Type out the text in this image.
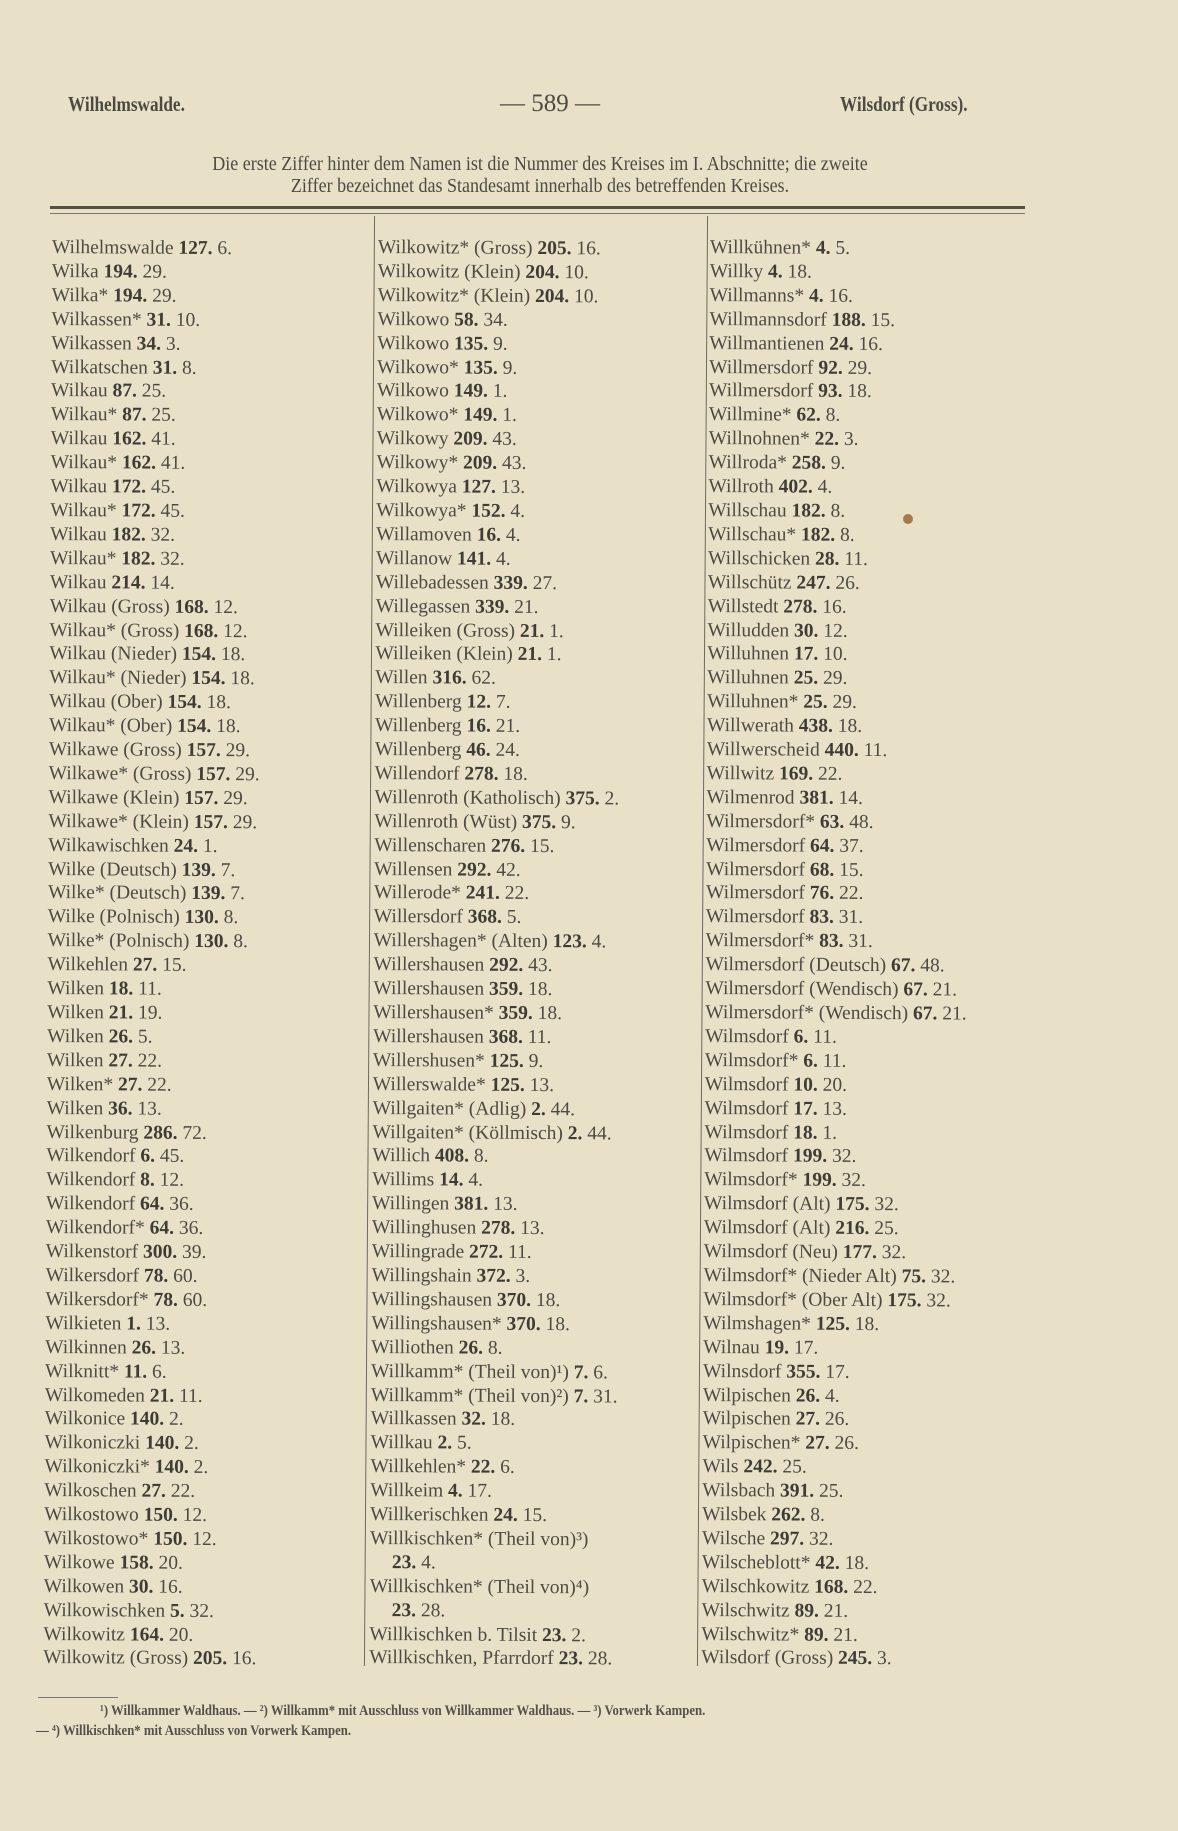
Wilhelmswalde.	— 589 —	Wilsdorf (Gross).
Die erste Ziffer hinter dem Namen ist die Nummer des Kreises im I. Abschnitte; die zweite
Ziffer bezeichnet das Standesamt innerhalb des betreffenden Kreises.
Wilhelmswalde 127. 6.
Wilka 194. 29.
Wilka* 194. 29.
Wilkassen* 31. 10.
Wilkassen 34. 3.
Wilkatschen 31. 8.
Wilkau 87. 25.
Wilkau* 87. 25.
Wilkau 162. 41.
Wilkau* 162. 41.
Wilkau 172. 45.
Wilkau* 172. 45.
Wilkau 182. 32.
Wilkau* 182. 32.
Wilkau 214. 14.
Wilkau (Gross) 168. 12.
Wilkau* (Gross) 168. 12.
Wilkau (Nieder) 154. 18.
Wilkau* (Nieder) 154. 18.
Wilkau (Ober) 154. 18.
Wilkau* (Ober) 154. 18.
Wilkawe (Gross) 157. 29.
Wilkawe* (Gross) 157. 29.
Wilkawe (Klein) 157. 29.
Wilkawe* (Klein) 157. 29.
Wilkawischken 24. 1.
Wilke (Deutsch) 139. 7.
Wilke* (Deutsch) 139. 7.
Wilke (Polnisch) 130. 8.
Wilke* (Polnisch) 130. 8.
Wilkehlen 27. 15.
Wilken 18. 11.
Wilken 21. 19.
Wilken 26. 5.
Wilken 27. 22.
Wilken* 27. 22.
Wilken 36. 13.
Wilkenburg 286. 72.
Wilkendorf 6. 45.
Wilkendorf 8. 12.
Wilkendorf 64. 36.
Wilkendorf* 64. 36.
Wilkenstorf 300. 39.
Wilkersdorf 78. 60.
Wilkersdorf* 78. 60.
Wilkieten 1. 13.
Wilkinnen 26. 13.
Wilknitt* 11. 6.
Wilkomeden 21. 11.
Wilkonice 140. 2.
Wilkoniczki 140. 2.
Wilkoniczki* 140. 2.
Wilkoschen 27. 22.
Wilkostowo 150. 12.
Wilkostowo* 150. 12.
Wilkowe 158. 20.
Wilkowen 30. 16.
Wilkowischken 5. 32.
Wilkowitz 164. 20.
Wilkowitz (Gross) 205. 16.
Wilkowitz* (Gross) 205. 16.
Wilkowitz (Klein) 204. 10.
Wilkowitz* (Klein) 204. 10.
Wilkowo 58. 34.
Wilkowo 135. 9.
Wilkowo* 135. 9.
Wilkowo 149. 1.
Wilkowo* 149. 1.
Wilkowy 209. 43.
Wilkowy* 209. 43.
Wilkowya 127. 13.
Wilkowya* 152. 4.
Willamoven 16. 4.
Willanow 141. 4.
Willebadessen 339. 27.
Willegassen 339. 21.
Willeiken (Gross) 21. 1.
Willeiken (Klein) 21. 1.
Willen 316. 62.
Willenberg 12. 7.
Willenberg 16. 21.
Willenberg 46. 24.
Willendorf 278. 18.
Willenroth (Katholisch) 375. 2.
Willenroth (Wüst) 375. 9.
Willenscharen 276. 15.
Willensen 292. 42.
Willerode* 241. 22.
Willersdorf 368. 5.
Willershagen* (Alten) 123. 4.
Willershausen 292. 43.
Willershausen 359. 18.
Willershausen* 359. 18.
Willershausen 368. 11.
Willershusen* 125. 9.
Willerswalde* 125. 13.
Willgaiten* (Adlig) 2. 44.
Willgaiten* (Köllmisch) 2. 44.
Willich 408. 8.
Willims 14. 4.
Willingen 381. 13.
Willinghusen 278. 13.
Willingrade 272. 11.
Willingshain 372. 3.
Willingshausen 370. 18.
Willingshausen* 370. 18.
Williothen 26. 8.
Willkamm* (Theil von)¹) 7. 6.
Willkamm* (Theil von)²) 7. 31.
Willkassen 32. 18.
Willkau 2. 5.
Willkehlen* 22. 6.
Willkeim 4. 17.
Willkerischken 24. 15.
Willkischken* (Theil von)³)
23. 4.
Willkischken* (Theil von)⁴)
23. 28.
Willkischken b. Tilsit 23. 2.
Willkischken, Pfarrdorf 23. 28.
Willkühnen* 4. 5.
Willky 4. 18.
Willmanns* 4. 16.
Willmannsdorf 188. 15.
Willmantienen 24. 16.
Willmersdorf 92. 29.
Willmersdorf 93. 18.
Willmine* 62. 8.
Willnohnen* 22. 3.
Willroda* 258. 9.
Willroth 402. 4.
Willschau 182. 8.
Willschau* 182. 8.
Willschicken 28. 11.
Willschütz 247. 26.
Willstedt 278. 16.
Willudden 30. 12.
Willuhnen 17. 10.
Willuhnen 25. 29.
Willuhnen* 25. 29.
Willwerath 438. 18.
Willwerscheid 440. 11.
Willwitz 169. 22.
Wilmenrod 381. 14.
Wilmersdorf* 63. 48.
Wilmersdorf 64. 37.
Wilmersdorf 68. 15.
Wilmersdorf 76. 22.
Wilmersdorf 83. 31.
Wilmersdorf* 83. 31.
Wilmersdorf (Deutsch) 67. 48.
Wilmersdorf (Wendisch) 67. 21.
Wilmersdorf* (Wendisch) 67. 21.
Wilmsdorf 6. 11.
Wilmsdorf* 6. 11.
Wilmsdorf 10. 20.
Wilmsdorf 17. 13.
Wilmsdorf 18. 1.
Wilmsdorf 199. 32.
Wilmsdorf* 199. 32.
Wilmsdorf (Alt) 175. 32.
Wilmsdorf (Alt) 216. 25.
Wilmsdorf (Neu) 177. 32.
Wilmsdorf* (Nieder Alt) 75. 32.
Wilmsdorf* (Ober Alt) 175. 32.
Wilmshagen* 125. 18.
Wilnau 19. 17.
Wilnsdorf 355. 17.
Wilpischen 26. 4.
Wilpischen 27. 26.
Wilpischen* 27. 26.
Wils 242. 25.
Wilsbach 391. 25.
Wilsbek 262. 8.
Wilsche 297. 32.
Wilscheblott* 42. 18.
Wilschkowitz 168. 22.
Wilschwitz 89. 21.
Wilschwitz* 89. 21.
Wilsdorf (Gross) 245. 3.
¹) Willkammer Waldhaus. — ²) Willkamm* mit Ausschluss von Willkammer Waldhaus. — ³) Vorwerk Kampen.
— ⁴) Willkischken* mit Ausschluss von Vorwerk Kampen.
